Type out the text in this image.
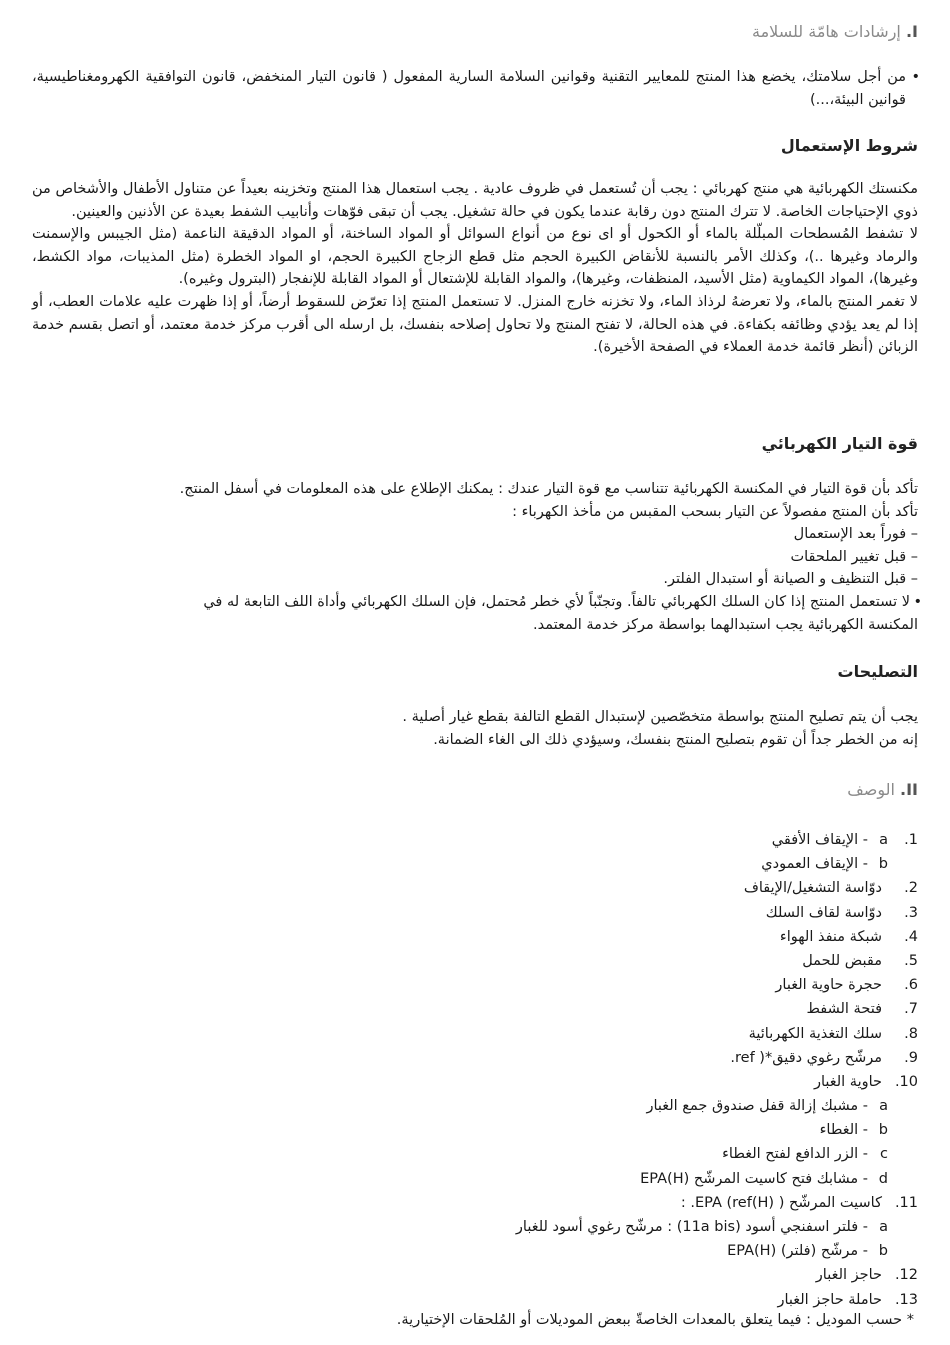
I. إرشادات هامّة للسلامة
•
من أجل سلامتك، يخضع هذا المنتج للمعايير التقنية وقوانين السلامة السارية المفعول ( قانون التيار المنخفض، قانون التوافقية الكهرومغناطيسية، قوانين البيئة،...)
شروط الإستعمال
مكنستك الكهربائية هي منتج كهربائي : يجب أن تُستعمل في ظروف عادية . يجب استعمال هذا المنتج وتخزينه بعيداً عن متناول الأطفال والأشخاص من ذوي الإحتياجات الخاصة. لا تترك المنتج دون رقابة عندما يكون في حالة تشغيل. يجب أن تبقى فوّهات وأنابيب الشفط بعيدة عن الأذنين والعينين.
لا تشفط المُسطحات المبلّلة بالماء أو الكحول أو اى نوع من أنواع السوائل أو المواد الساخنة، أو المواد الدقيقة الناعمة (مثل الجيبس والإسمنت والرماد وغيرها ..)، وكذلك الأمر بالنسبة للأنقاض الكبيرة الحجم مثل قطع الزجاج الكبيرة الحجم، او المواد الخطرة (مثل المذيبات، مواد الكشط، وغيرها)، المواد الكيماوية (مثل الأسيد، المنظفات، وغيرها)، والمواد القابلة للإشتعال أو المواد القابلة للإنفجار (البترول وغيره).
لا تغمر المنتج بالماء، ولا تعرضهُ لرذاذ الماء، ولا تخزنه خارج المنزل. لا تستعمل المنتج إذا تعرّض للسقوط أرضاً، أو إذا ظهرت عليه علامات العطب، أو إذا لم يعد يؤدي وظائفه بكفاءة. في هذه الحالة، لا تفتح المنتج ولا تحاول إصلاحه بنفسك، بل ارسله الى أقرب مركز خدمة معتمد، أو اتصل بقسم خدمة الزبائن (أنظر قائمة خدمة العملاء في الصفحة الأخيرة).
قوة التيار الكهربائي
تأكد بأن قوة التيار في المكنسة الكهربائية تتناسب مع قوة التيار عندك : يمكنك الإطلاع على هذه المعلومات في أسفل المنتج.
تأكد بأن المنتج مفصولاً عن التيار بسحب المقبس من مأخذ الكهرباء :
– فوراً بعد الإستعمال
– قبل تغيير الملحقات
– قبل التنظيف و الصيانة أو استبدال الفلتر.
•
لا تستعمل المنتج إذا كان السلك الكهربائي تالفاً. وتجنّباً لأي خطر مُحتمل، فإن السلك الكهربائي وأداة اللف التابعة له في
المكنسة الكهربائية يجب استبدالهما بواسطة مركز خدمة المعتمد.
التصليحات
يجب أن يتم تصليح المنتج بواسطة متخصّصين لإستبدال القطع التالفة بقطع غيار أصلية .
إنه من الخطر جداً أن تقوم بتصليح المنتج بنفسك، وسيؤدي ذلك الى الغاء الضمانة.
II. الوصف
1.a- الإيقاف الأفقي
b- الإيقاف العمودي
2.دوّاسة التشغيل/الإيقاف
3.دوّاسة لقاف السلك
4.شبكة منفذ الهواء
5.مقبض للحمل
6.حجرة حاوية الغبار
7.فتحة الشفط
8.سلك التغذية الكهربائية
9.مرشّح رغوي دقيق*( ref.
10.حاوية الغبار
a- مشبك إزالة قفل صندوق جمع الغبار
b- الغطاء
c- الزر الدافع لفتح الغطاء
d- مشابك فتح كاسيت المرشّح (H)EPA
11.كاسيت المرشّح ( (H)EPA (ref. :
a- فلتر اسفنجي أسود (11a bis) : مرشّح رغوي أسود للغبار
b- مرشّح (فلتر) (H)EPA
12.حاجز الغبار
13.حاملة حاجز الغبار
* حسب الموديل : فيما يتعلق بالمعدات الخاصةّ ببعض الموديلات أو المُلحقات الإختيارية.
